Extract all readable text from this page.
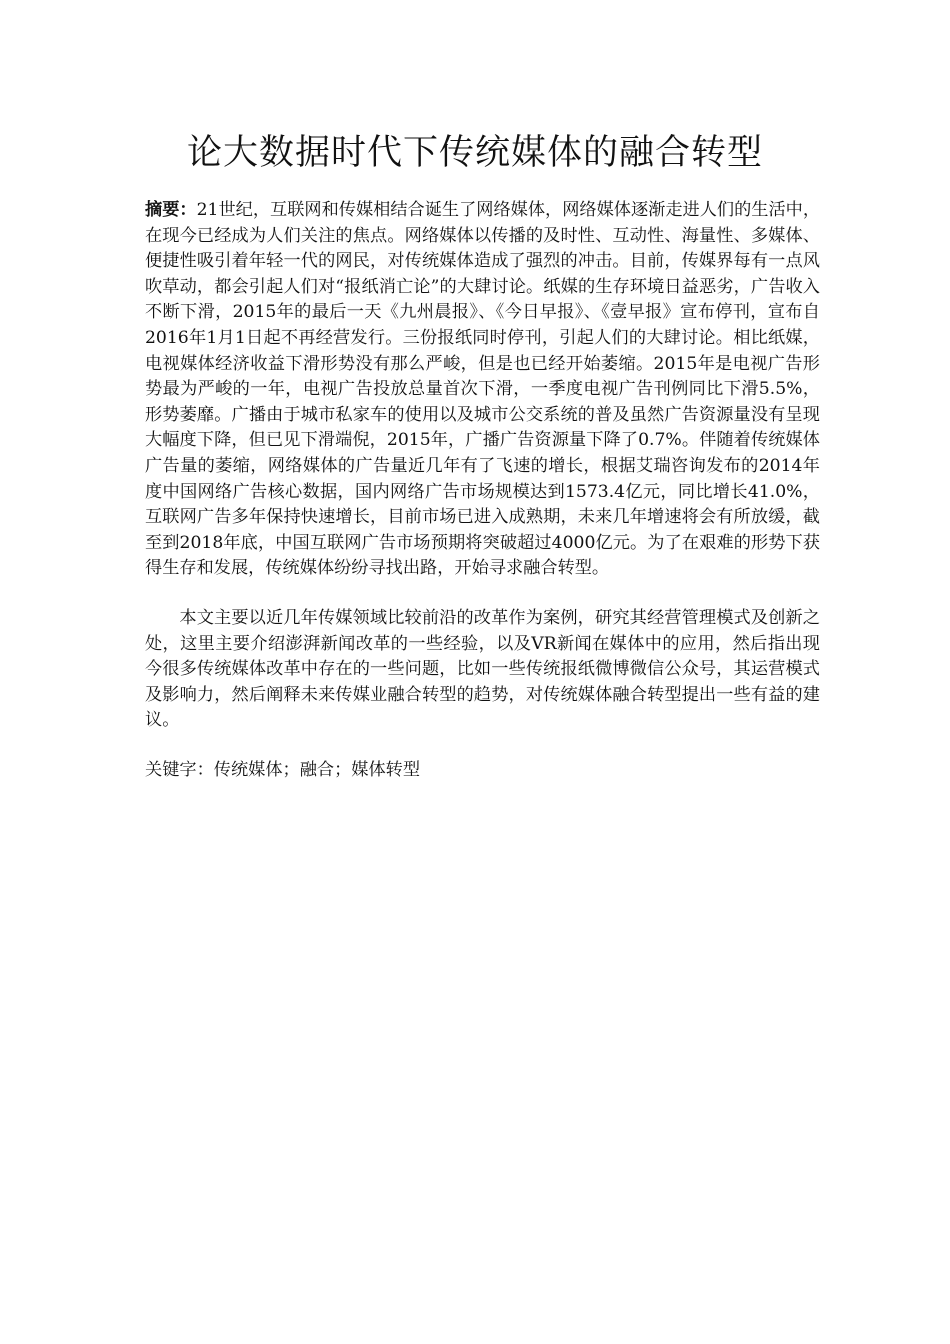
论大数据时代下传统媒体的融合转型

摘要：21世纪，互联网和传媒相结合诞生了网络媒体，网络媒体逐渐走进人们的生活中，在现今已经成为人们关注的焦点。网络媒体以传播的及时性、互动性、海量性、多媒体、便捷性吸引着年轻一代的网民，对传统媒体造成了强烈的冲击。目前，传媒界每有一点风吹草动，都会引起人们对“报纸消亡论”的大肆讨论。纸媒的生存环境日益恶劣，广告收入不断下滑，2015年的最后一天《九州晨报》、《今日早报》、《壹早报》宣布停刊，宣布自2016年1月1日起不再经营发行。三份报纸同时停刊，引起人们的大肆讨论。相比纸媒，电视媒体经济收益下滑形势没有那么严峻，但是也已经开始萎缩。2015年是电视广告形势最为严峻的一年，电视广告投放总量首次下滑，一季度电视广告刊例同比下滑5.5%，形势萎靡。广播由于城市私家车的使用以及城市公交系统的普及虽然广告资源量没有呈现大幅度下降，但已见下滑端倪，2015年，广播广告资源量下降了0.7%。伴随着传统媒体广告量的萎缩，网络媒体的广告量近几年有了飞速的增长，根据艾瑞咨询发布的2014年度中国网络广告核心数据，国内网络广告市场规模达到1573.4亿元，同比增长41.0%，互联网广告多年保持快速增长，目前市场已进入成熟期，未来几年增速将会有所放缓，截至到2018年底，中国互联网广告市场预期将突破超过4000亿元。为了在艰难的形势下获得生存和发展，传统媒体纷纷寻找出路，开始寻求融合转型。

本文主要以近几年传媒领域比较前沿的改革作为案例，研究其经营管理模式及创新之处，这里主要介绍澎湃新闻改革的一些经验，以及VR新闻在媒体中的应用，然后指出现今很多传统媒体改革中存在的一些问题，比如一些传统报纸微博微信公众号，其运营模式及影响力，然后阐释未来传媒业融合转型的趋势，对传统媒体融合转型提出一些有益的建议。

关键字：传统媒体；融合；媒体转型
